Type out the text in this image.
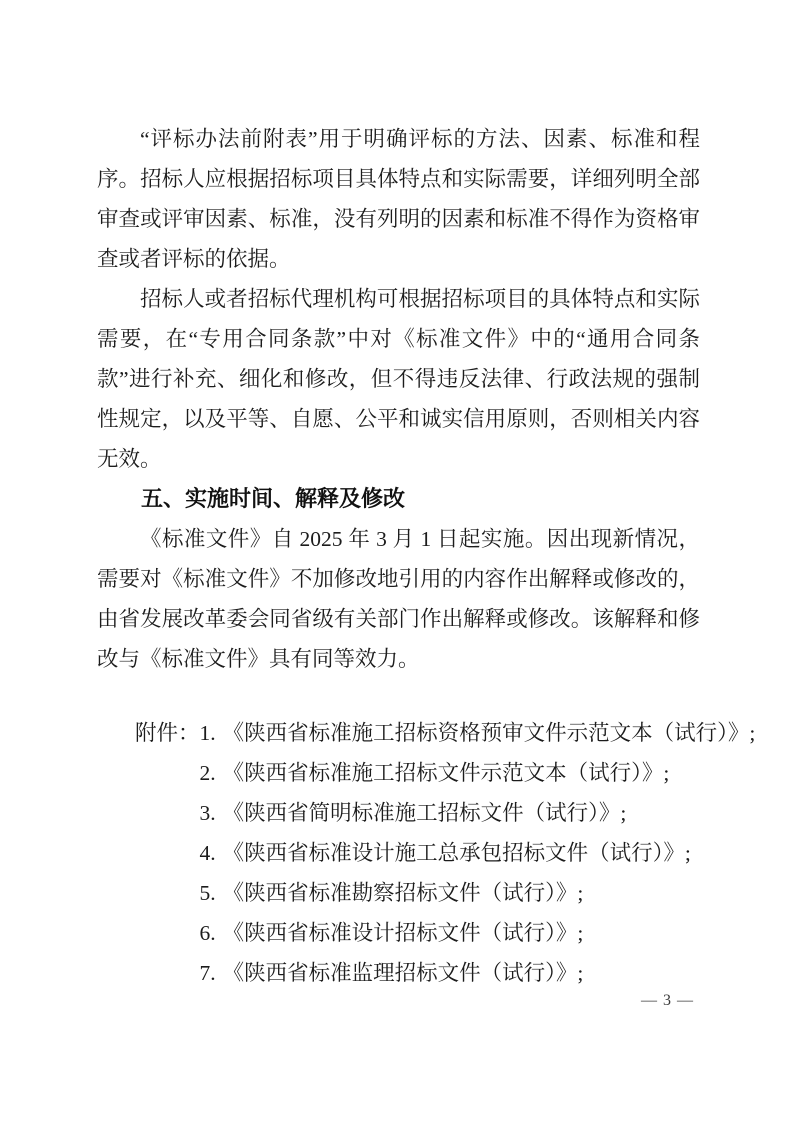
“评标办法前附表”用于明确评标的方法、因素、标准和程序。招标人应根据招标项目具体特点和实际需要，详细列明全部审查或评审因素、标准，没有列明的因素和标准不得作为资格审查或者评标的依据。

招标人或者招标代理机构可根据招标项目的具体特点和实际需要，在“专用合同条款”中对《标准文件》中的“通用合同条款”进行补充、细化和修改，但不得违反法律、行政法规的强制性规定，以及平等、自愿、公平和诚实信用原则，否则相关内容无效。

五、实施时间、解释及修改

《标准文件》自 2025 年 3 月 1 日起实施。因出现新情况，需要对《标准文件》不加修改地引用的内容作出解释或修改的，由省发展改革委会同省级有关部门作出解释或修改。该解释和修改与《标准文件》具有同等效力。

附件： 1. 《陕西省标准施工招标资格预审文件示范文本（试行）》;
2. 《陕西省标准施工招标文件示范文本（试行）》;
3. 《陕西省简明标准施工招标文件（试行）》;
4. 《陕西省标准设计施工总承包招标文件（试行）》;
5. 《陕西省标准勘察招标文件（试行）》;
6. 《陕西省标准设计招标文件（试行）》;
7. 《陕西省标准监理招标文件（试行）》;
— 3 —
